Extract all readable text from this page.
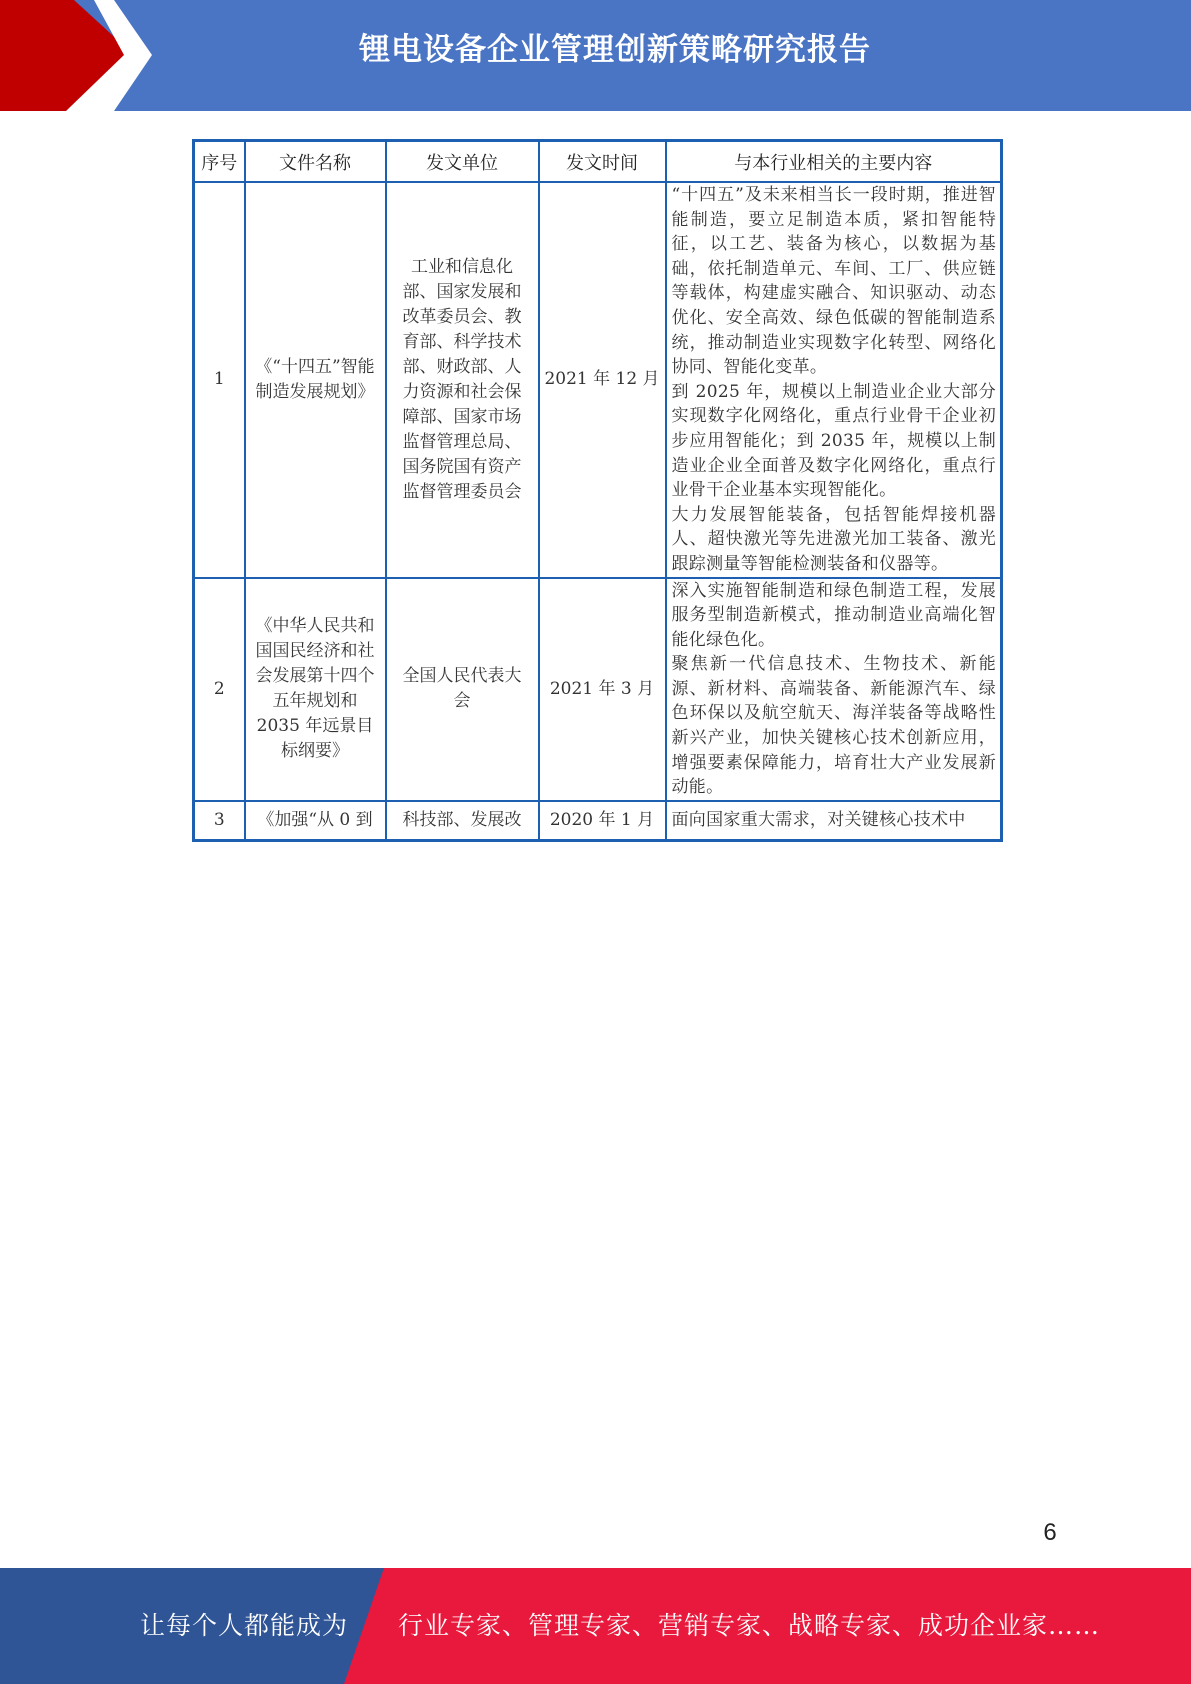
锂电设备企业管理创新策略研究报告
序号	文件名称	发文单位	发文时间	与本行业相关的主要内容
1	《“十四五”智能制造发展规划》	工业和信息化部、国家发展和改革委员会、教育部、科学技术部、财政部、人力资源和社会保障部、国家市场监督管理总局、国务院国有资产监督管理委员会	2021 年 12 月	“十四五”及未来相当长一段时期，推进智能制造，要立足制造本质，紧扣智能特征，以工艺、装备为核心，以数据为基础，依托制造单元、车间、工厂、供应链等载体，构建虚实融合、知识驱动、动态优化、安全高效、绿色低碳的智能制造系统，推动制造业实现数字化转型、网络化协同、智能化变革。

到 2025 年，规模以上制造业企业大部分实现数字化网络化，重点行业骨干企业初步应用智能化；到 2035 年，规模以上制造业企业全面普及数字化网络化，重点行业骨干企业基本实现智能化。

大力发展智能装备，包括智能焊接机器人、超快激光等先进激光加工装备、激光跟踪测量等智能检测装备和仪器等。

2	《中华人民共和国国民经济和社会发展第十四个五年规划和 2035 年远景目标纲要》	全国人民代表大会	2021 年 3 月	深入实施智能制造和绿色制造工程，发展服务型制造新模式，推动制造业高端化智能化绿色化。

聚焦新一代信息技术、生物技术、新能源、新材料、高端装备、新能源汽车、绿色环保以及航空航天、海洋装备等战略性新兴产业，加快关键核心技术创新应用，增强要素保障能力，培育壮大产业发展新动能。

3	《加强“从 0 到	科技部、发展改	2020 年 1 月	面向国家重大需求，对关键核心技术中

6
让每个人都能成为 行业专家、管理专家、营销专家、战略专家、成功企业家……
